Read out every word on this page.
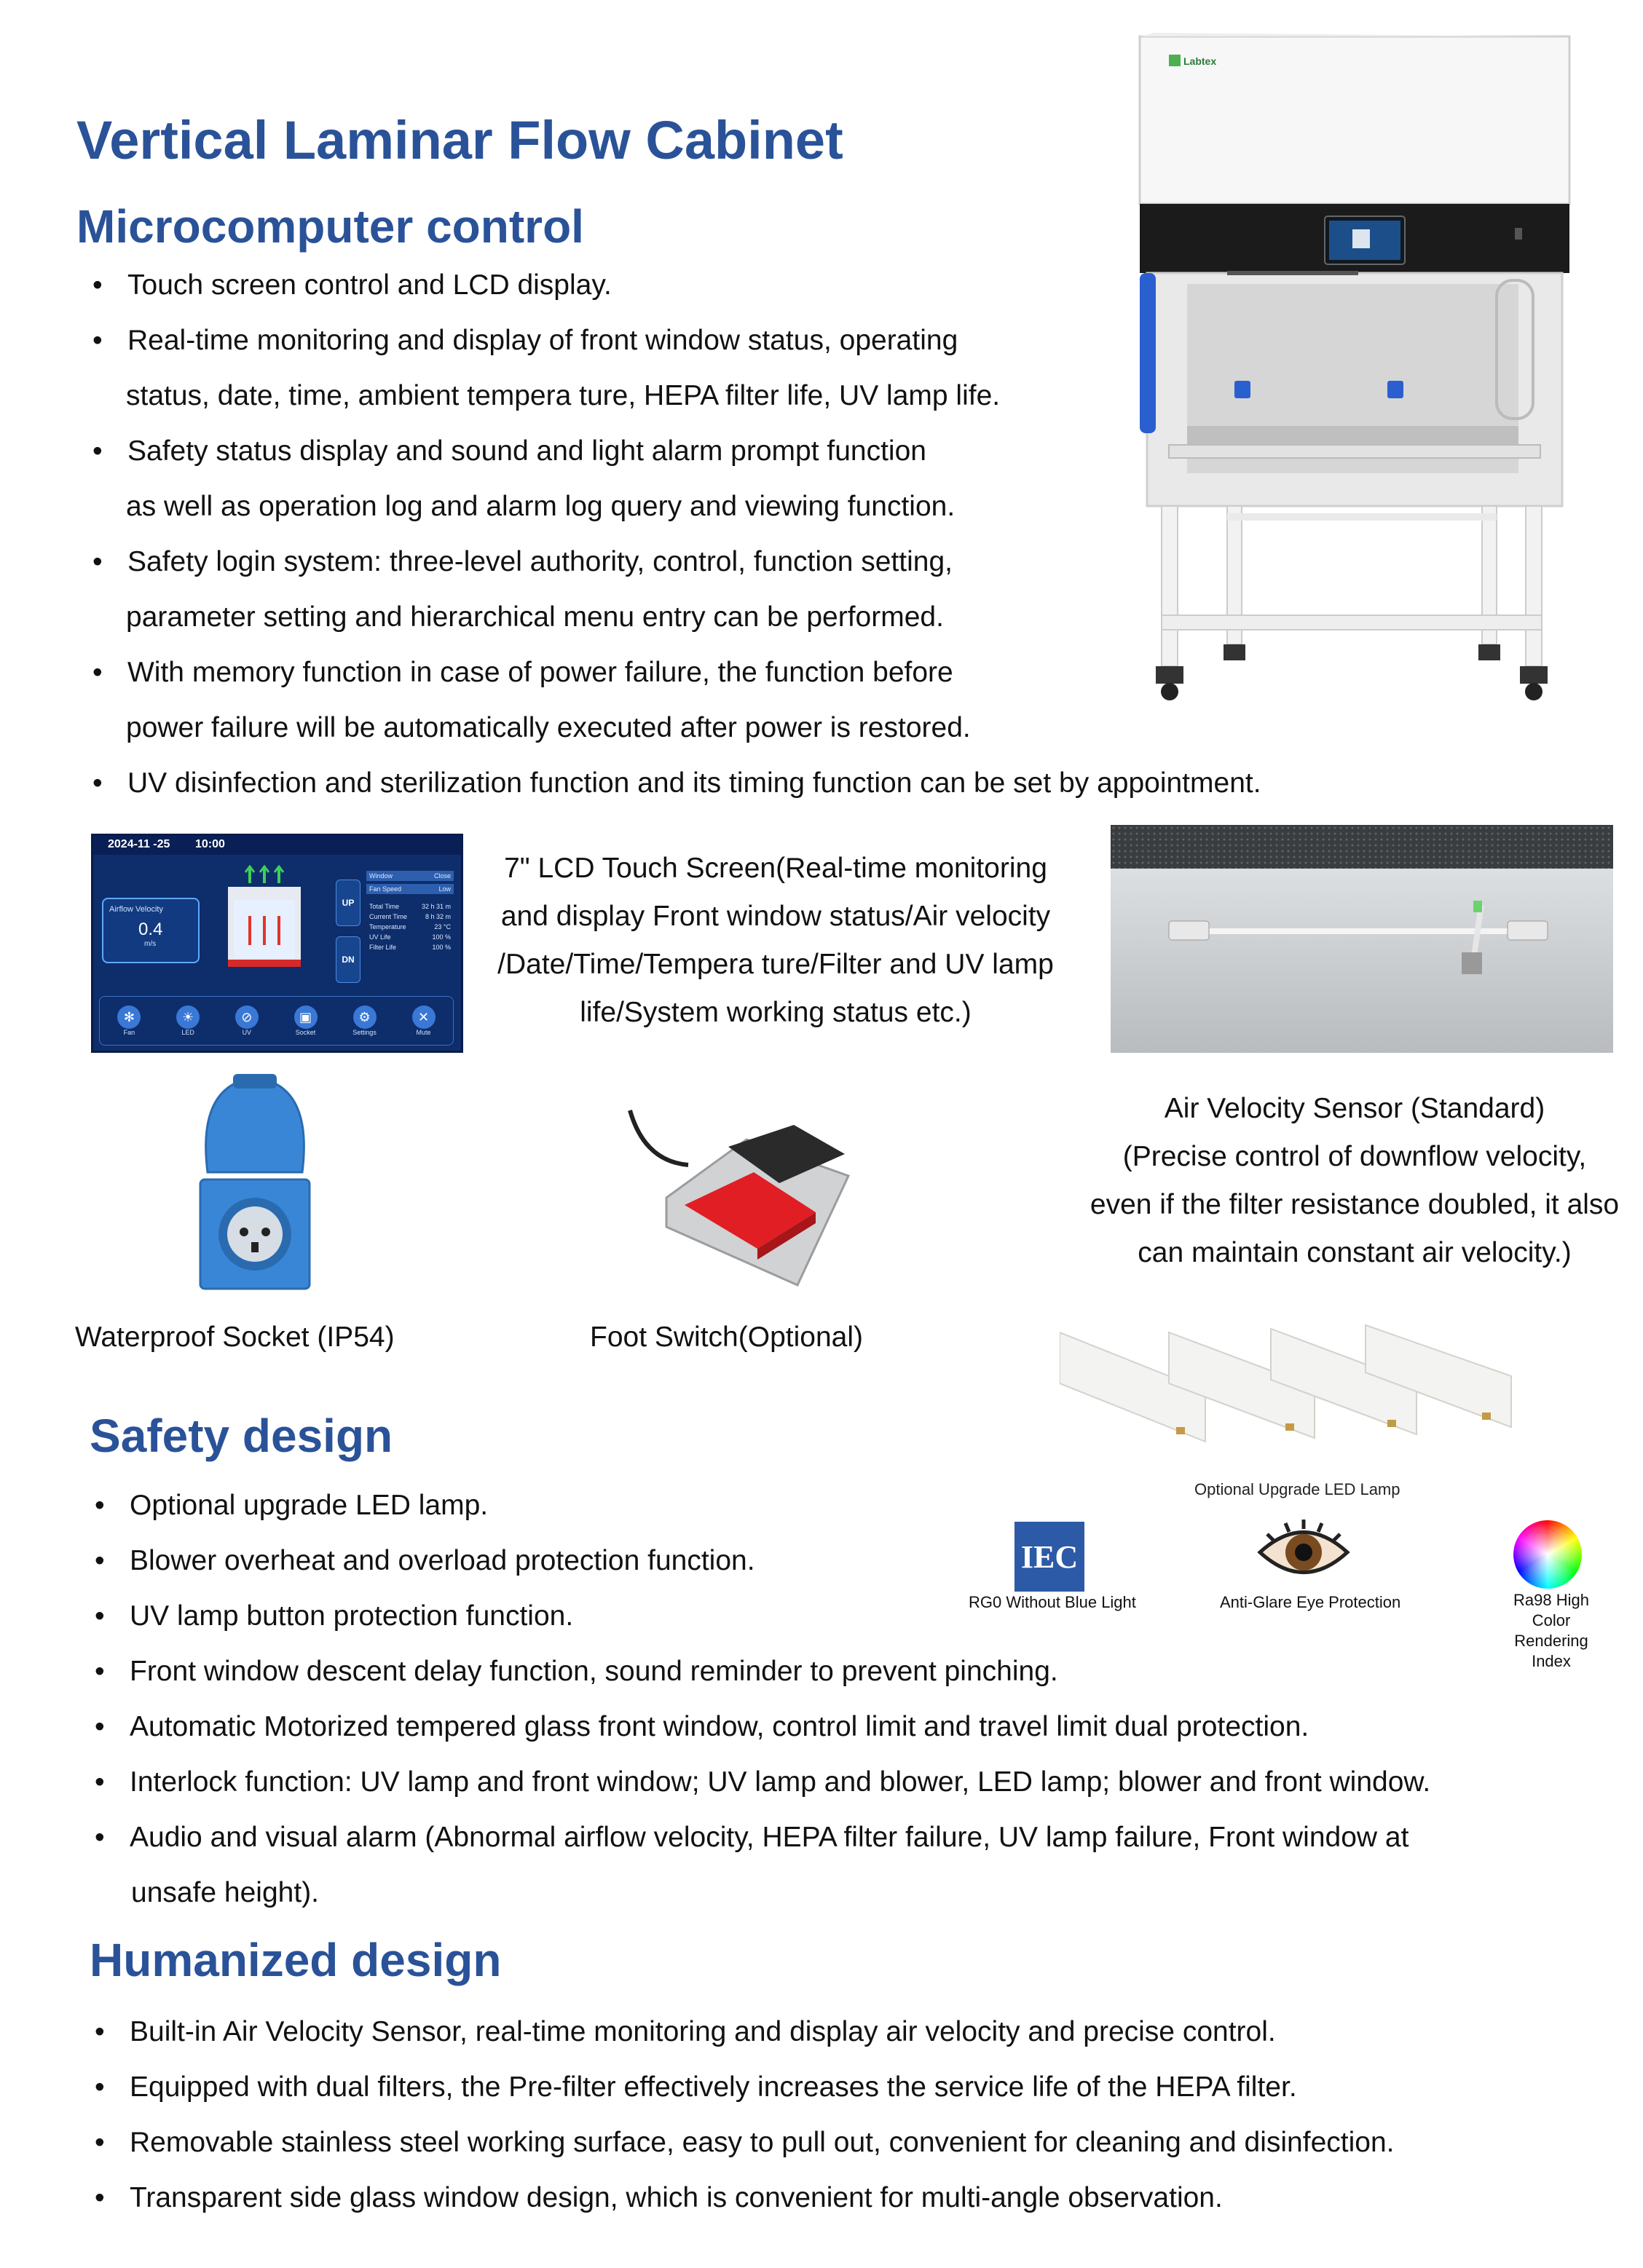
Vertical Laminar Flow Cabinet
Microcomputer control
• Touch screen control and LCD display.
• Real-time monitoring and display of front window status, operating
status, date, time, ambient tempera ture, HEPA filter life, UV lamp life.
• Safety status display and sound and light alarm prompt function
as well as operation log and alarm log query and viewing function.
• Safety login system: three-level authority, control, function setting,
parameter setting and hierarchical menu entry can be performed.
• With memory function in case of power failure, the function before
power failure will be automatically executed after power is restored.
• UV disinfection and sterilization function and its timing function can be set by appointment.
Labtex
2024-11 -25 10:00
Airflow Velocity
0.4
m/s
UP
DN
Window	Close
Fan Speed	Low
Total Time	32 h 31 m
Current Time	8 h 32 m
Temperature	23 °C
UV Life	100 %
Filter Life	100 %
✻
Fan
☀
LED
⊘
UV
▣
Socket
⚙
Settings
✕
Mute
7" LCD Touch Screen(Real-time monitoring
and display Front window status/Air velocity
/Date/Time/Tempera ture/Filter and UV lamp
life/System working status etc.)
Air Velocity Sensor (Standard)
(Precise control of downflow velocity,
even if the filter resistance doubled, it also
can maintain constant air velocity.)
Waterproof Socket (IP54)	Foot Switch(Optional)
Optional Upgrade LED Lamp
IEC
RG0 Without Blue Light	Anti-Glare Eye Protection	Ra98 High Color
Rendering Index
Safety design
• Optional upgrade LED lamp.
• Blower overheat and overload protection function.
• UV lamp button protection function.
• Front window descent delay function, sound reminder to prevent pinching.
• Automatic Motorized tempered glass front window, control limit and travel limit dual protection.
• Interlock function: UV lamp and front window; UV lamp and blower, LED lamp; blower and front window.
• Audio and visual alarm (Abnormal airflow velocity, HEPA filter failure, UV lamp failure, Front window at
unsafe height).
Humanized design
• Built-in Air Velocity Sensor, real-time monitoring and display air velocity and precise control.
• Equipped with dual filters, the Pre-filter effectively increases the service life of the HEPA filter.
• Removable stainless steel working surface, easy to pull out, convenient for cleaning and disinfection.
• Transparent side glass window design, which is convenient for multi-angle observation.
